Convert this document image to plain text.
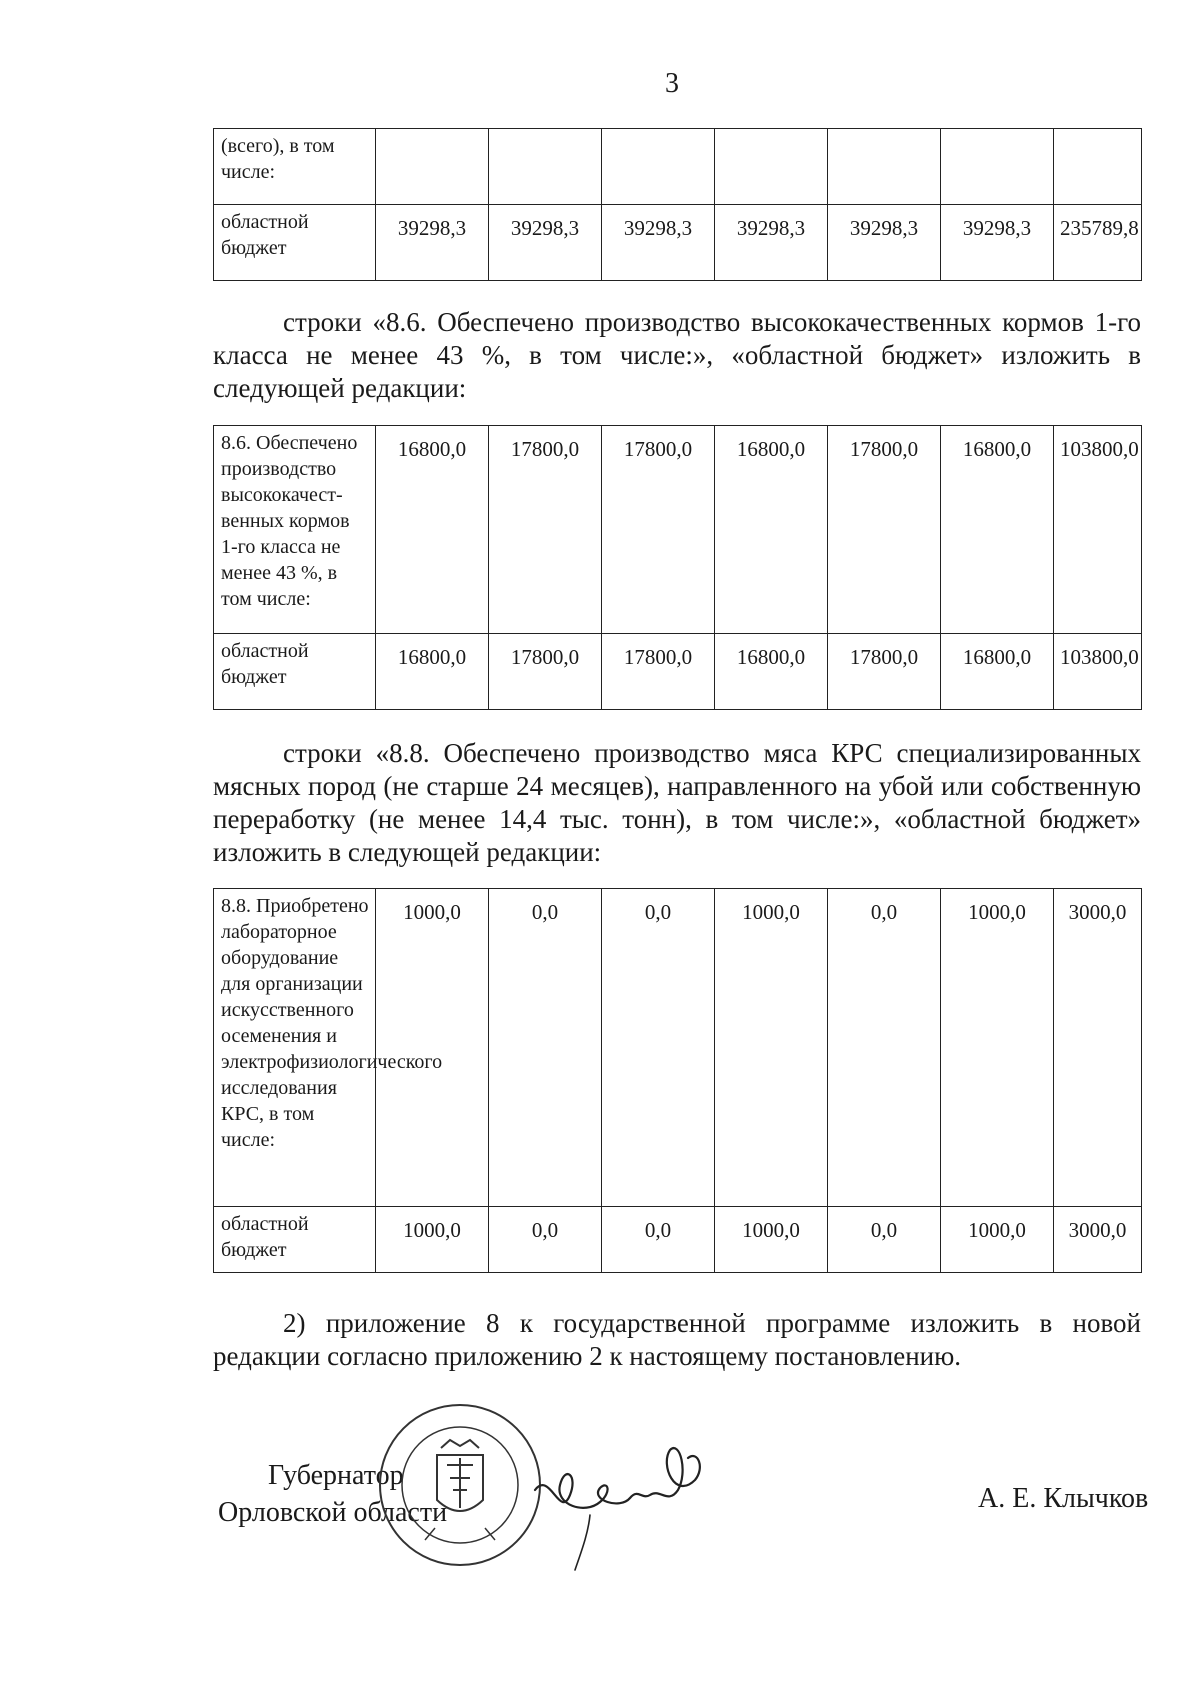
3
(всего), в том числе:							
областной бюджет	39298,3	39298,3	39298,3	39298,3	39298,3	39298,3	235789,8

строки «8.6. Обеспечено производство высококачественных кормов 1-го класса не менее 43 %, в том числе:», «областной бюджет» изложить в следующей редакции:

8.6. Обеспечено производство высококачест-венных кормов 1-го класса не менее 43 %, в том числе:	16800,0	17800,0	17800,0	16800,0	17800,0	16800,0	103800,0
областной бюджет	16800,0	17800,0	17800,0	16800,0	17800,0	16800,0	103800,0

строки «8.8. Обеспечено производство мяса КРС специализированных мясных пород (не старше 24 месяцев), направленного на убой или собственную переработку (не менее 14,4 тыс. тонн), в том числе:», «областной бюджет» изложить в следующей редакции:

8.8. Приобретено лабораторное оборудование для организации искусственного осеменения и электрофизиологического исследования КРС, в том числе:	1000,0	0,0	0,0	1000,0	0,0	1000,0	3000,0
областной бюджет	1000,0	0,0	0,0	1000,0	0,0	1000,0	3000,0

2) приложение 8 к государственной программе изложить в новой редакции согласно приложению 2 к настоящему постановлению.

Губернатор
Орловской области	А. Е. Клычков
